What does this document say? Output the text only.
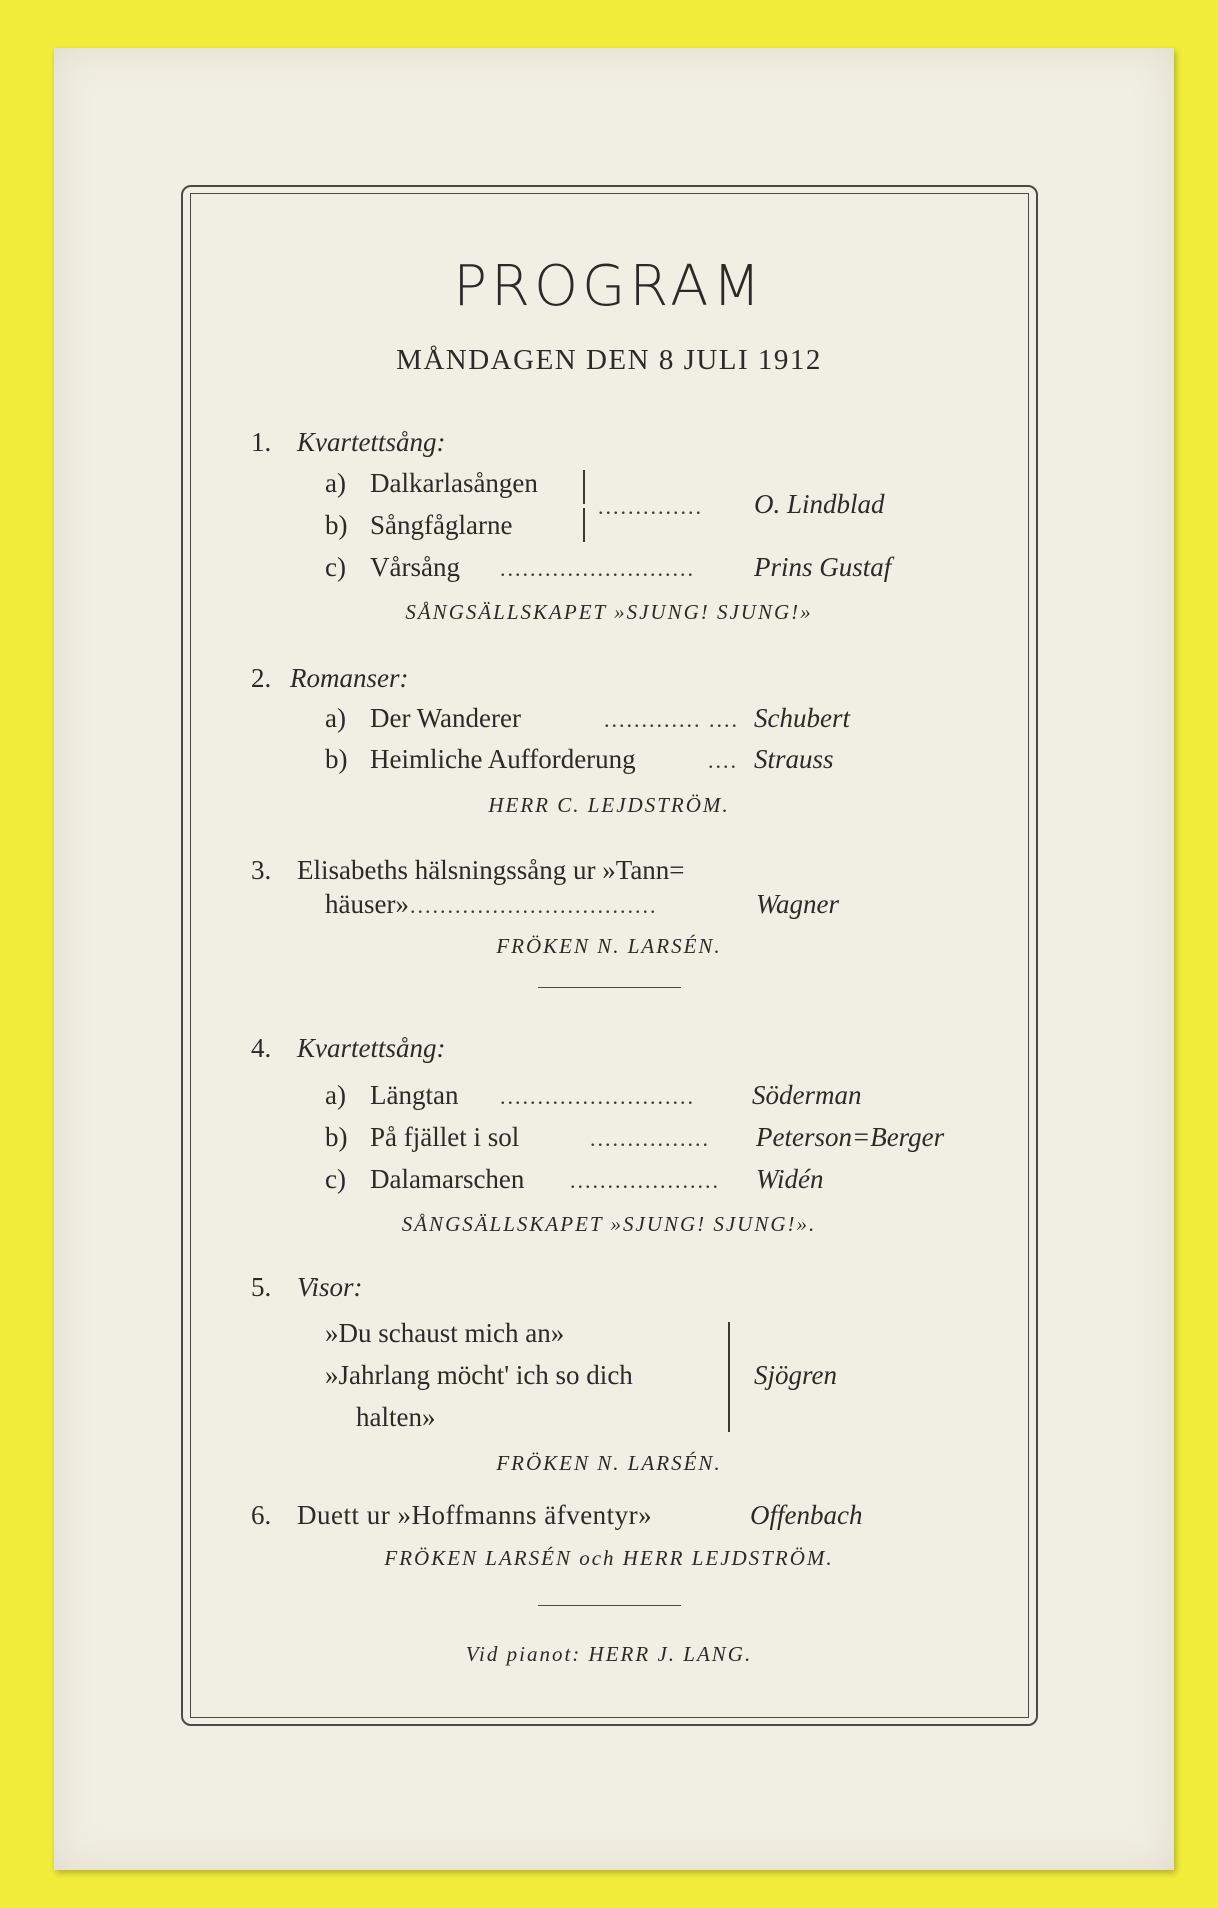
PROGRAM
MÅNDAGEN DEN 8 JULI 1912
1. Kvartettsång:
a) Dalkarlasången
b) Sångfåglarne
.............. O. Lindblad
c) Vårsång .......................... Prins Gustaf
SÅNGSÄLLSKAPET »SJUNG! SJUNG!»
2. Romanser:
a) Der Wanderer	............. .... Schubert
b) Heimliche Aufforderung	.... Strauss
HERR C. LEJDSTRÖM.
3. Elisabeths hälsningssång ur »Tann=
häuser» .................................	Wagner
FRÖKEN N. LARSÉN.
4. Kvartettsång:
a) Längtan .......................... Söderman
b) På fjället i sol	................ Peterson=Berger
c) Dalamarschen .................... Widén
SÅNGSÄLLSKAPET »SJUNG! SJUNG!».
5. Visor:
»Du schaust mich an»
»Jahrlang möcht' ich so dich
halten»
Sjögren
FRÖKEN N. LARSÉN.
6. Duett ur »Hoffmanns äfventyr»	Offenbach
FRÖKEN LARSÉN och HERR LEJDSTRÖM.
Vid pianot: HERR J. LANG.
